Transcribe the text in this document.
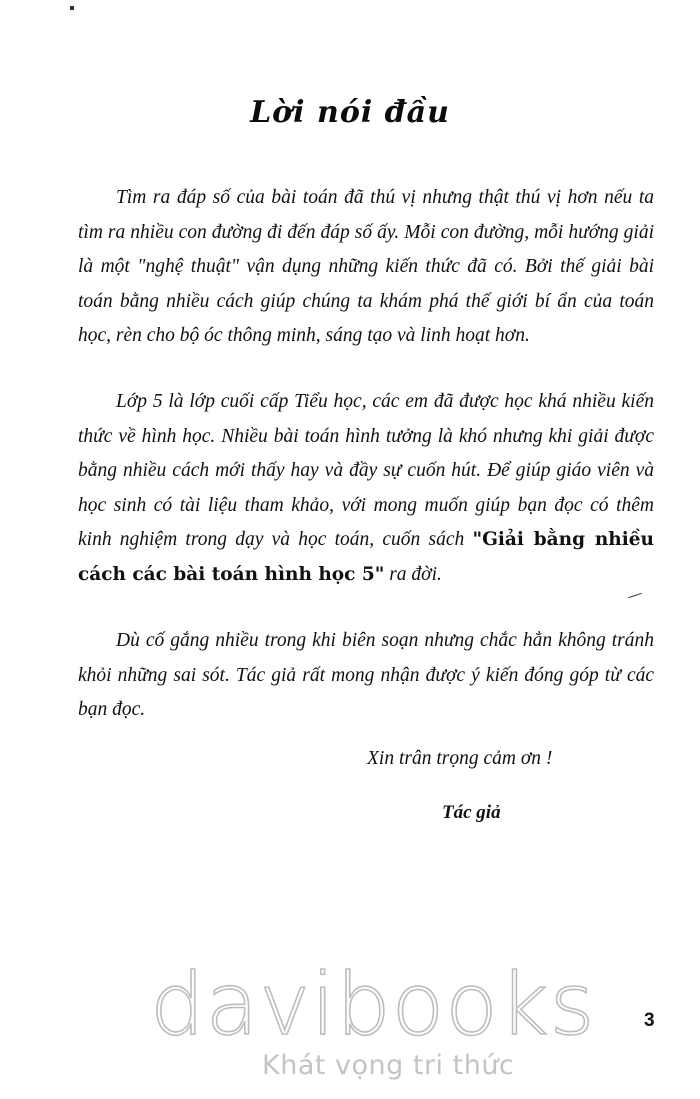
Lời nói đầu

Tìm ra đáp số của bài toán đã thú vị nhưng thật thú vị hơn nếu ta tìm ra nhiều con đường đi đến đáp số ấy. Mỗi con đường, mỗi hướng giải là một "nghệ thuật" vận dụng những kiến thức đã có. Bởi thế giải bài toán bằng nhiều cách giúp chúng ta khám phá thế giới bí ẩn của toán học, rèn cho bộ óc thông minh, sáng tạo và linh hoạt hơn.

Lớp 5 là lớp cuối cấp Tiểu học, các em đã được học khá nhiều kiến thức về hình học. Nhiều bài toán hình tưởng là khó nhưng khi giải được bằng nhiều cách mới thấy hay và đầy sự cuốn hút. Để giúp giáo viên và học sinh có tài liệu tham khảo, với mong muốn giúp bạn đọc có thêm kinh nghiệm trong dạy và học toán, cuốn sách "Giải bằng nhiều cách các bài toán hình học 5" ra đời.

Dù cố gắng nhiều trong khi biên soạn nhưng chắc hẳn không tránh khỏi những sai sót. Tác giả rất mong nhận được ý kiến đóng góp từ các bạn đọc.

Xin trân trọng cảm ơn !
Tác giả
davibooks
Khát vọng tri thức
3
